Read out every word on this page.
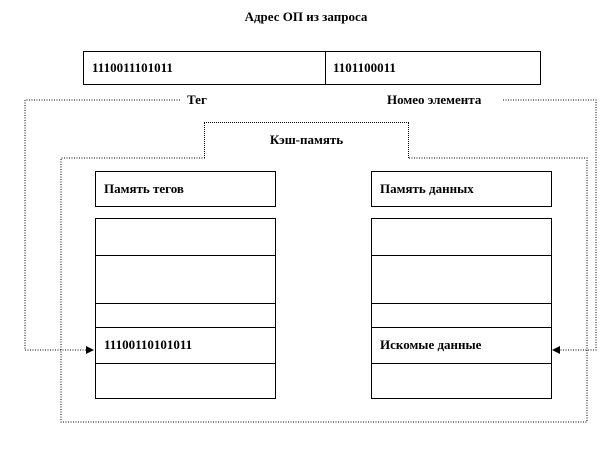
Адрес ОП из запроса
1110011101011	1101100011
Тег	Номео элемента
Кэш-память
Память тегов
11100110101011
Память данных
Искомые данные
